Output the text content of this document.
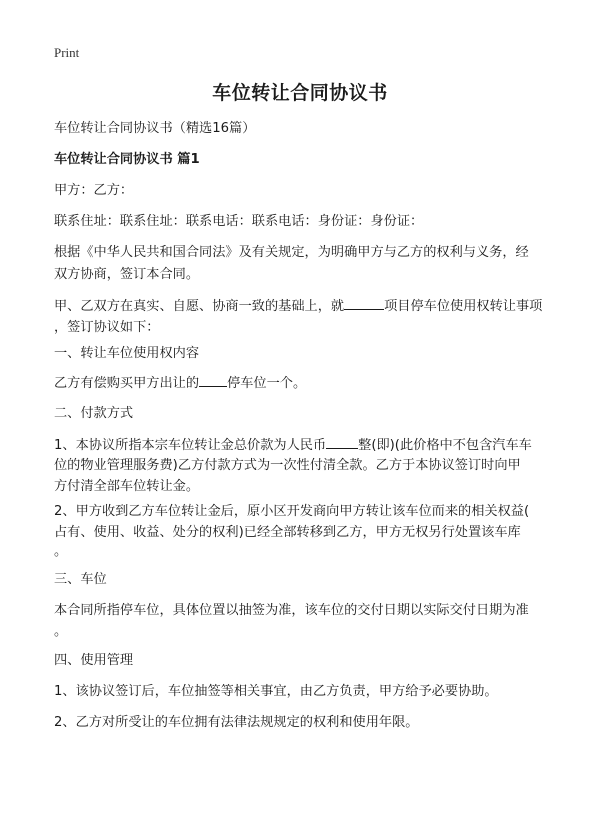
Print
车位转让合同协议书

车位转让合同协议书（精选16篇）

车位转让合同协议书 篇1

甲方：乙方：

联系住址：联系住址：联系电话：联系电话：身份证：身份证：

根据《中华人民共和国合同法》及有关规定，为明确甲方与乙方的权利与义务，经

双方协商，签订本合同。

甲、乙双方在真实、自愿、协商一致的基础上，就	项目停车位使用权转让事项

，签订协议如下：

一、转让车位使用权内容

乙方有偿购买甲方出让的 停车位一个。

二、付款方式

1、本协议所指本宗车位转让金总价款为人民币 整(即)(此价格中不包含汽车车

位的物业管理服务费)乙方付款方式为一次性付清全款。乙方于本协议签订时向甲

方付清全部车位转让金。

2、甲方收到乙方车位转让金后，原小区开发商向甲方转让该车位而来的相关权益(

占有、使用、收益、处分的权利)已经全部转移到乙方，甲方无权另行处置该车库

。

三、车位

本合同所指停车位，具体位置以抽签为准，该车位的交付日期以实际交付日期为准

。

四、使用管理

1、该协议签订后，车位抽签等相关事宜，由乙方负责，甲方给予必要协助。

2、乙方对所受让的车位拥有法律法规规定的权利和使用年限。
